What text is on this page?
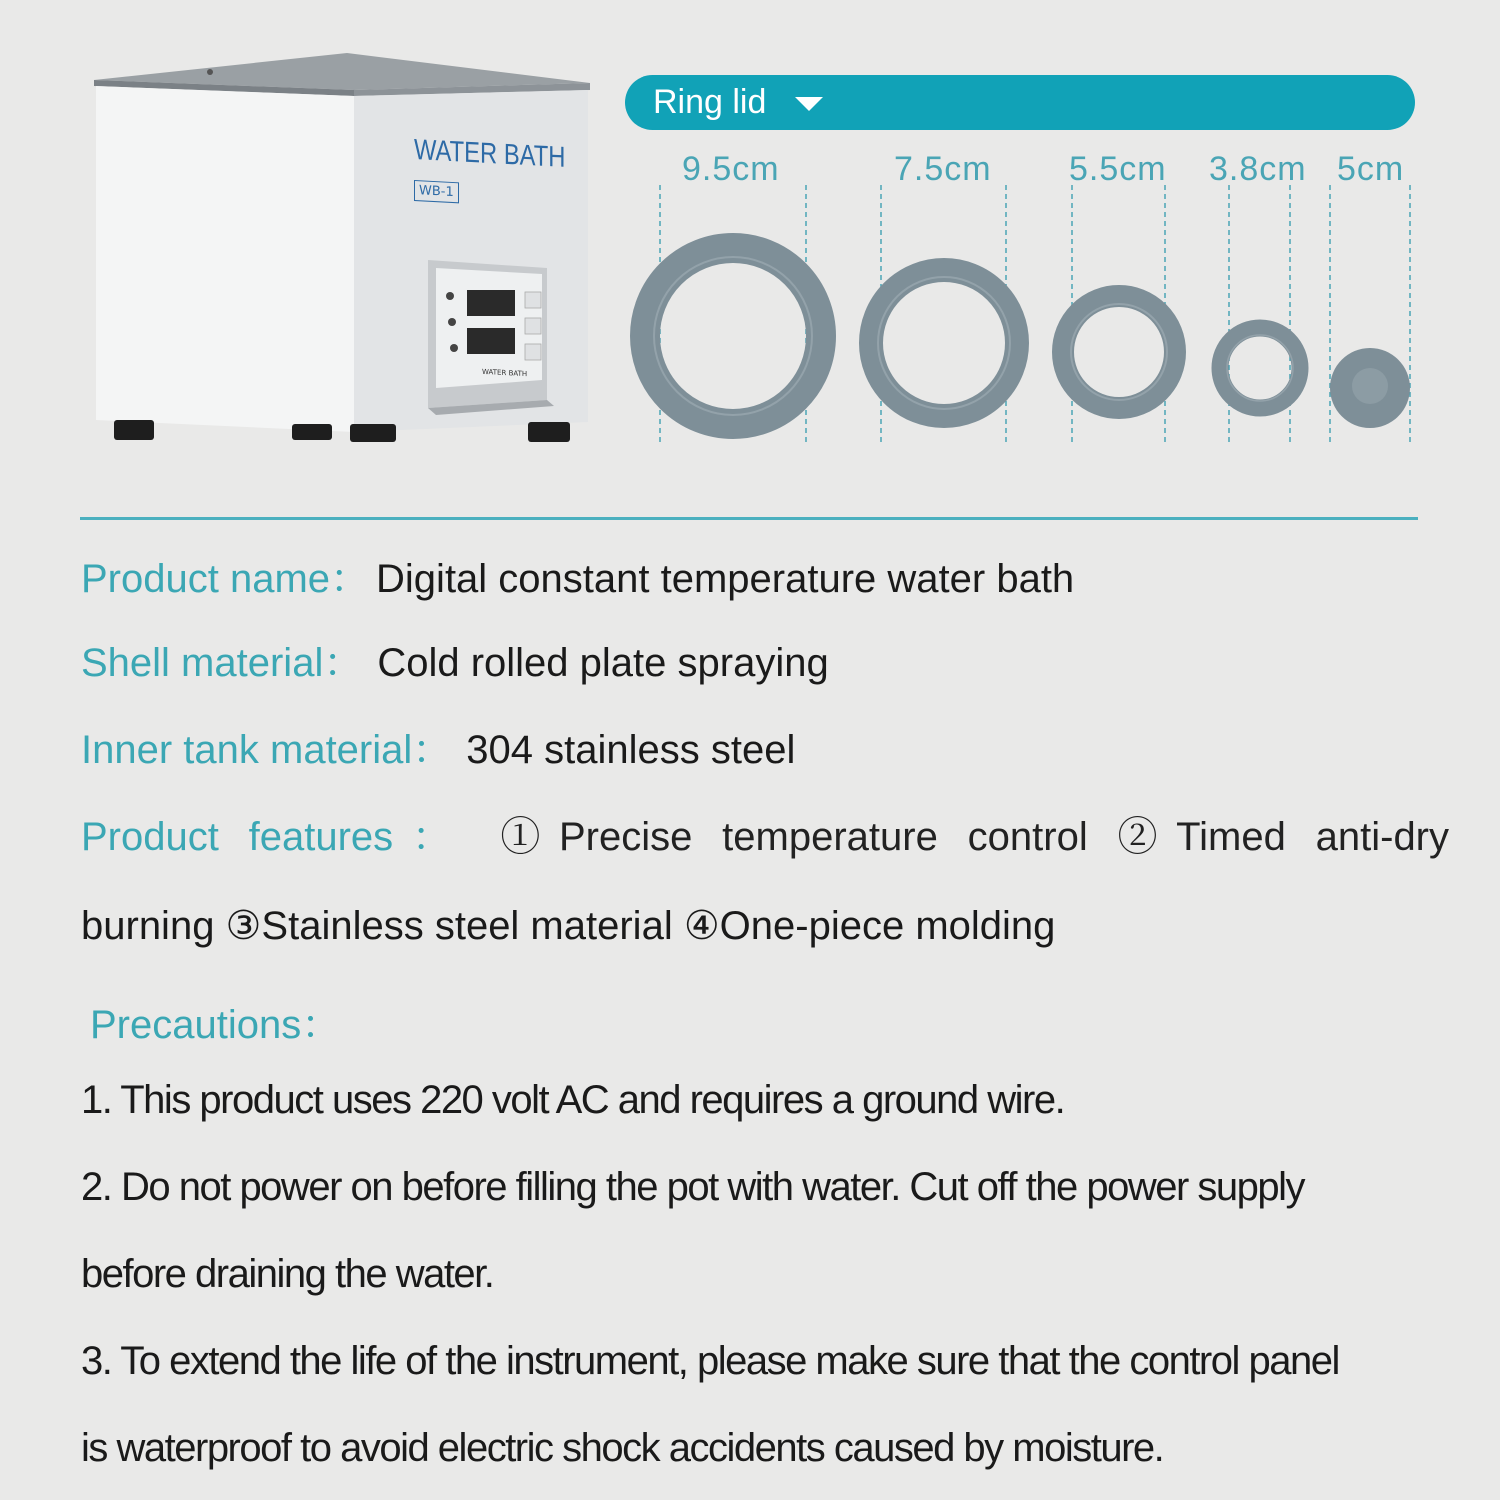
WATER BATH
WB-1
WATER BATH
Ring lid
9.5cm	7.5cm 5.5cm 3.8cm 5cm
Product name： Digital constant temperature water bath
Shell material： Cold rolled plate spraying
Inner tank material： 304 stainless steel
Product features： ①Precise temperature control ②Timed anti-dry
burning ③Stainless steel material ④One-piece molding
Precautions：
1. This product uses 220 volt AC and requires a ground wire.
2. Do not power on before filling the pot with water. Cut off the power supply
before draining the water.
3. To extend the life of the instrument, please make sure that the control panel
is waterproof to avoid electric shock accidents caused by moisture.
